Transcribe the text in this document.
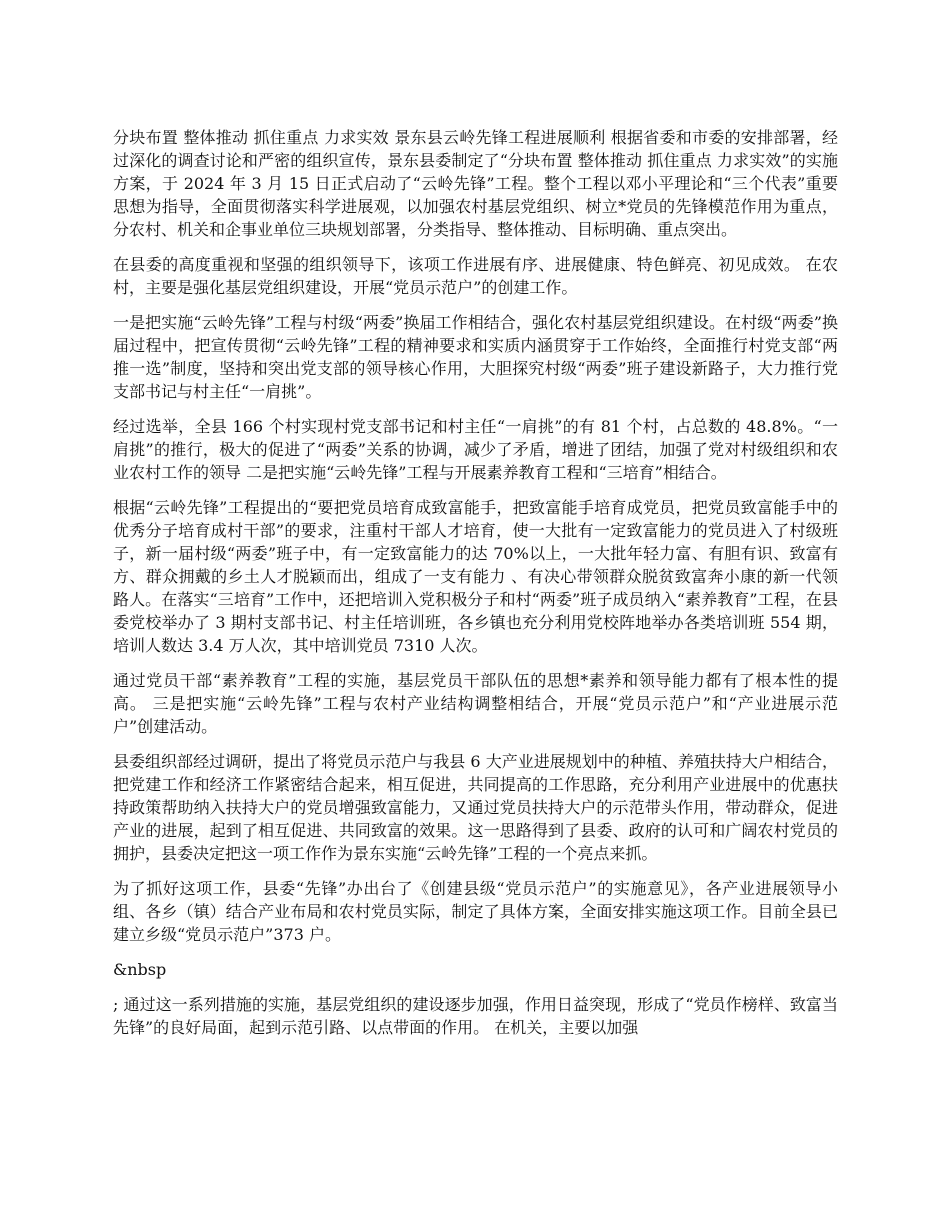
分块布置 整体推动 抓住重点 力求实效 景东县云岭先锋工程进展顺利 根据省委和市委的安排部署，经过深化的调查讨论和严密的组织宣传，景东县委制定了“分块布置 整体推动 抓住重点 力求实效”的实施方案，于 2024 年 3 月 15 日正式启动了“云岭先锋”工程。整个工程以邓小平理论和“三个代表”重要思想为指导，全面贯彻落实科学进展观，以加强农村基层党组织、树立*党员的先锋模范作用为重点，分农村、机关和企事业单位三块规划部署，分类指导、整体推动、目标明确、重点突出。

在县委的高度重视和坚强的组织领导下，该项工作进展有序、进展健康、特色鲜亮、初见成效。 在农村，主要是强化基层党组织建设，开展“党员示范户”的创建工作。

一是把实施“云岭先锋”工程与村级“两委”换届工作相结合，强化农村基层党组织建设。在村级“两委”换届过程中，把宣传贯彻“云岭先锋”工程的精神要求和实质内涵贯穿于工作始终，全面推行村党支部“两推一选”制度，坚持和突出党支部的领导核心作用，大胆探究村级“两委”班子建设新路子，大力推行党支部书记与村主任“一肩挑”。

经过选举，全县 166 个村实现村党支部书记和村主任“一肩挑”的有 81 个村，占总数的 48.8%。“一肩挑”的推行，极大的促进了“两委”关系的协调，减少了矛盾，增进了团结，加强了党对村级组织和农业农村工作的领导 二是把实施“云岭先锋”工程与开展素养教育工程和“三培育”相结合。

根据“云岭先锋”工程提出的“要把党员培育成致富能手，把致富能手培育成党员，把党员致富能手中的优秀分子培育成村干部”的要求，注重村干部人才培育，使一大批有一定致富能力的党员进入了村级班子，新一届村级“两委”班子中，有一定致富能力的达 70%以上，一大批年轻力富、有胆有识、致富有方、群众拥戴的乡土人才脱颖而出，组成了一支有能力 、有决心带领群众脱贫致富奔小康的新一代领路人。在落实“三培育”工作中，还把培训入党积极分子和村“两委”班子成员纳入“素养教育”工程，在县委党校举办了 3 期村支部书记、村主任培训班，各乡镇也充分利用党校阵地举办各类培训班 554 期，培训人数达 3.4 万人次，其中培训党员 7310 人次。

通过党员干部“素养教育”工程的实施，基层党员干部队伍的思想*素养和领导能力都有了根本性的提高。 三是把实施“云岭先锋”工程与农村产业结构调整相结合，开展“党员示范户”和“产业进展示范户”创建活动。

县委组织部经过调研，提出了将党员示范户与我县 6 大产业进展规划中的种植、养殖扶持大户相结合，把党建工作和经济工作紧密结合起来，相互促进，共同提高的工作思路，充分利用产业进展中的优惠扶持政策帮助纳入扶持大户的党员增强致富能力，又通过党员扶持大户的示范带头作用，带动群众，促进产业的进展，起到了相互促进、共同致富的效果。这一思路得到了县委、政府的认可和广阔农村党员的拥护，县委决定把这一项工作作为景东实施“云岭先锋”工程的一个亮点来抓。

为了抓好这项工作，县委“先锋”办出台了《创建县级“党员示范户”的实施意见》，各产业进展领导小组、各乡（镇）结合产业布局和农村党员实际，制定了具体方案，全面安排实施这项工作。目前全县已建立乡级“党员示范户”373 户。

&nbsp

; 通过这一系列措施的实施，基层党组织的建设逐步加强，作用日益突现，形成了“党员作榜样、致富当先锋”的良好局面，起到示范引路、以点带面的作用。 在机关，主要以加强
